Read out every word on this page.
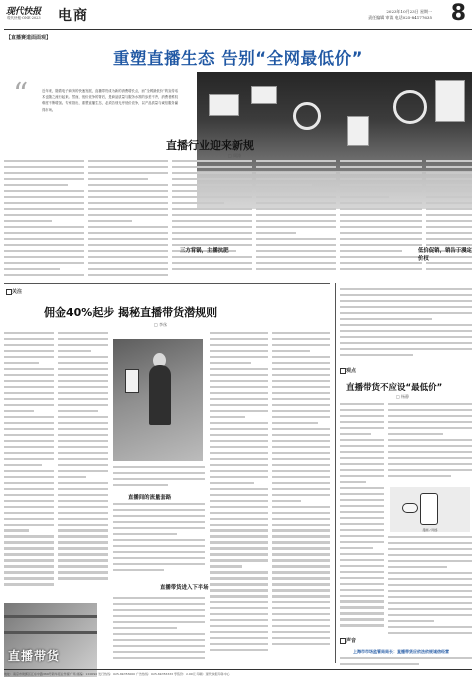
现代快报
現代快報·ONE·2023 电商	2023年10月23日 星期一
责任编辑 审读 电话025-84177635 8
【直播赛道面面观】
重塑直播生态 告别“全网最低价”
“	近年来，随着电子商务的快速发展，直播带货成为新的消费增长点，而“全网最低价”的宣传话术也随之流行起来。然而，低价竞争的背后，是商品质量与服务水准的参差不齐，消费者维权难度不断增加。专家指出，重塑直播生态，必须告别无序低价竞争，以产品质量与诚信服务赢得市场。
直播行业迎来新规
□ 周涛
三方背锅，主播抗肥	低价促销，销告于漫定价权
关注
佣金40%起步 揭秘直播带货潜规则
□ 李丝
直播间的流量套路
直播带货进入下半场
直播带货
观点
直播带货不应设“最低价”
□ 杨静
漫画 / 网络
声音
上海市市场监管局局长：直播带货应依法依规诚信经营
地址：南京市建邺区江东中路369号新华报业传媒广场 邮编：210092 发行热线：025-84783000 广告热线：025-84783333 零售价：2.00元 印刷：现代快报印务中心
